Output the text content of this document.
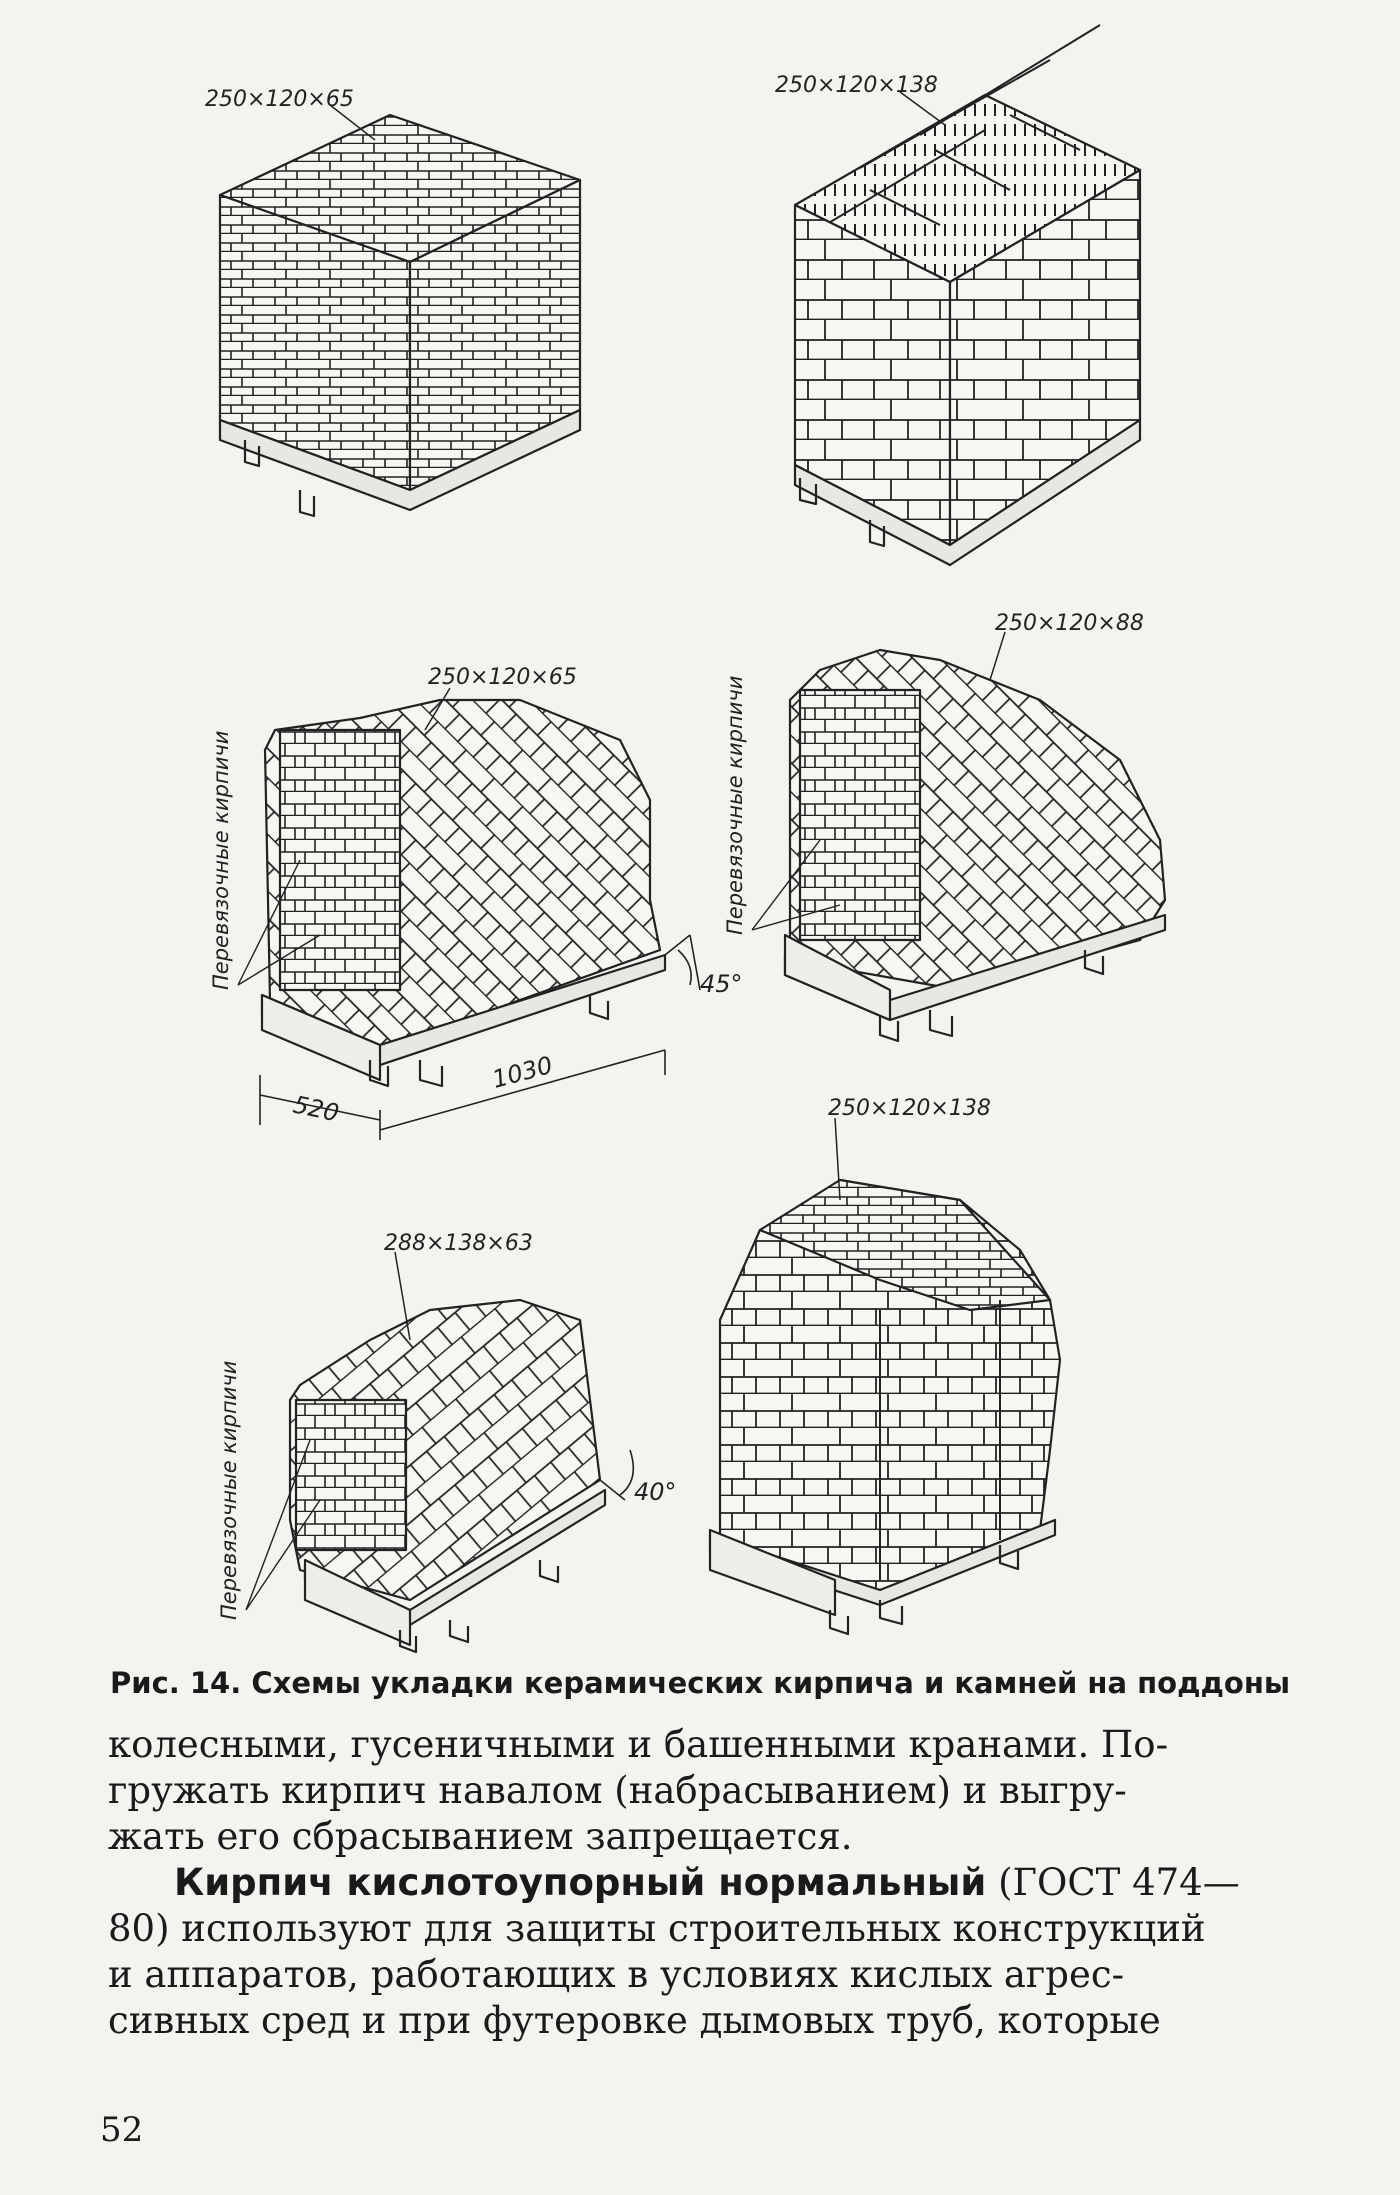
250×120×65
250×120×138
250×120×65
Перевязочные кирпичи
520
1030
45°
250×120×88
Перевязочные кирпичи
288×138×63
Перевязочные кирпичи	40°
250×120×138
Рис. 14. Схемы укладки керамических кирпича и камней на поддоны
колесными, гусеничными и башенными кранами. По-
гружать кирпич навалом (набрасыванием) и выгру-
жать его сбрасыванием запрещается.
Кирпич кислотоупорный нормальный (ГОСТ 474—
80) используют для защиты строительных конструкций
и аппаратов, работающих в условиях кислых агрес-
сивных сред и при футеровке дымовых труб, которые
52
